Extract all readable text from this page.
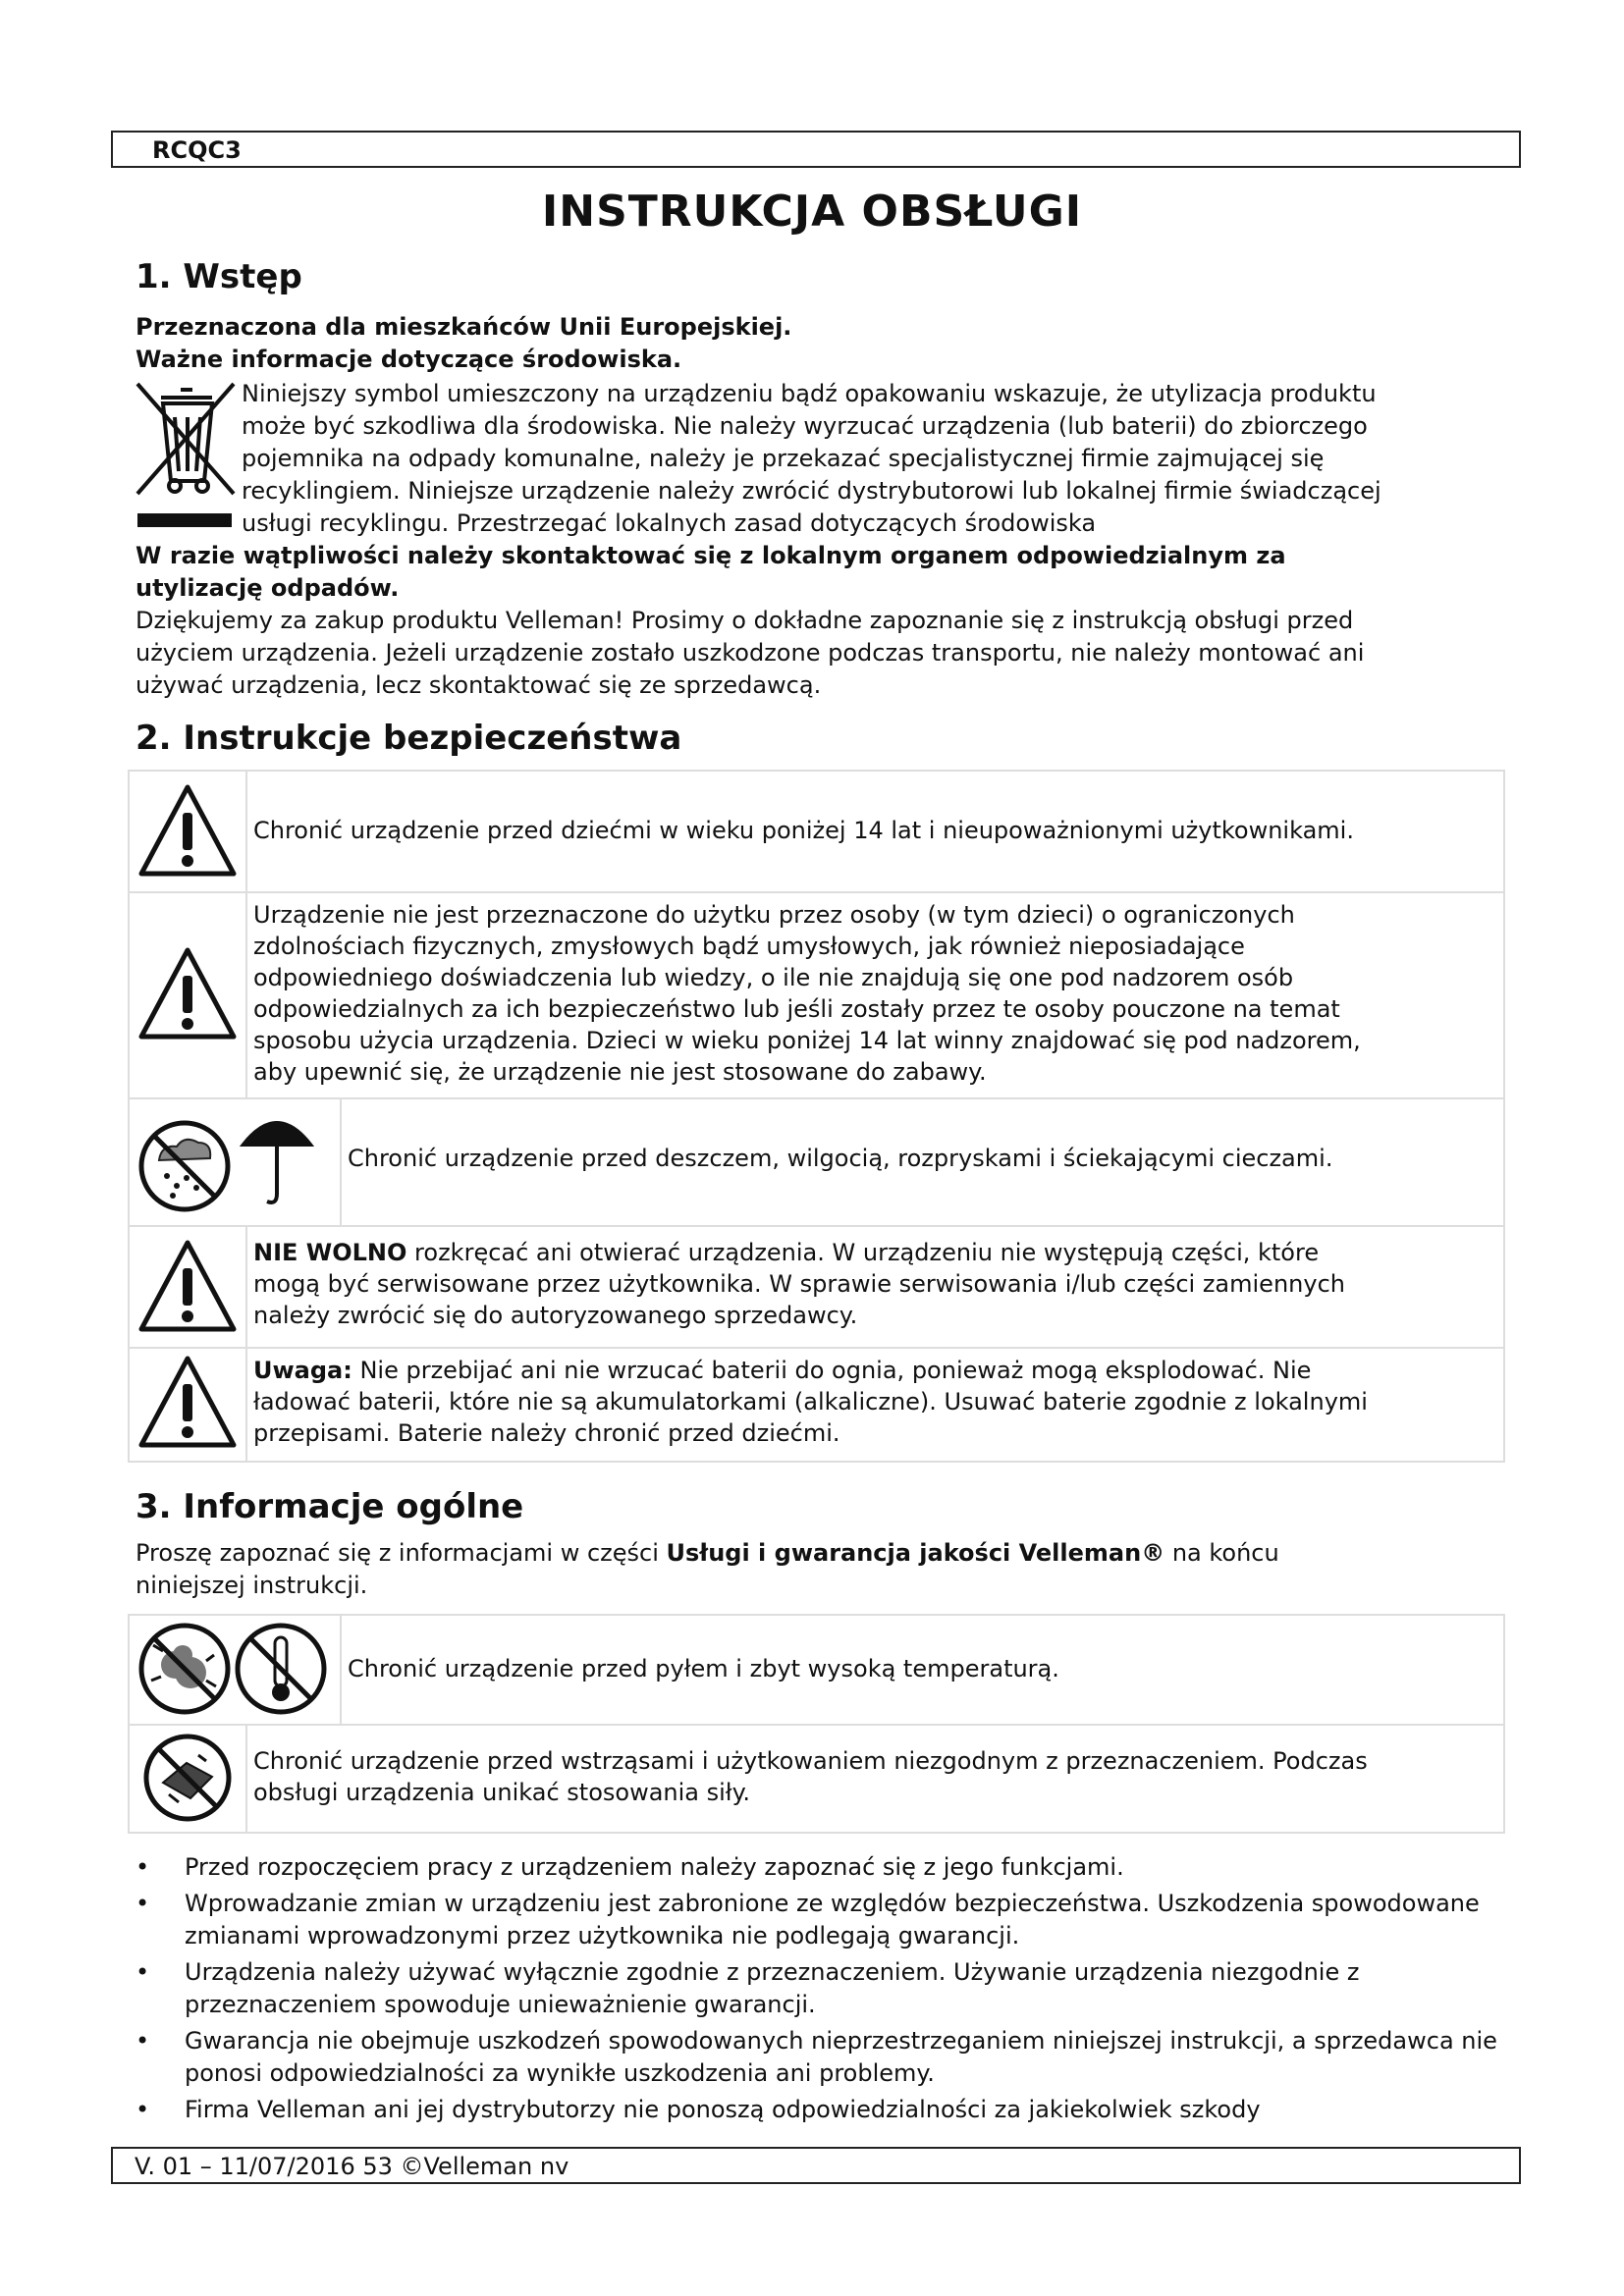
RCQC3
INSTRUKCJA OBSŁUGI
1. Wstęp
Przeznaczona dla mieszkańców Unii Europejskiej.
Ważne informacje dotyczące środowiska.
Niniejszy symbol umieszczony na urządzeniu bądź opakowaniu wskazuje, że utylizacja produktu
może być szkodliwa dla środowiska. Nie należy wyrzucać urządzenia (lub baterii) do zbiorczego
pojemnika na odpady komunalne, należy je przekazać specjalistycznej firmie zajmującej się
recyklingiem. Niniejsze urządzenie należy zwrócić dystrybutorowi lub lokalnej firmie świadczącej
usługi recyklingu. Przestrzegać lokalnych zasad dotyczących środowiska
W razie wątpliwości należy skontaktować się z lokalnym organem odpowiedzialnym za
utylizację odpadów.
Dziękujemy za zakup produktu Velleman! Prosimy o dokładne zapoznanie się z instrukcją obsługi przed
użyciem urządzenia. Jeżeli urządzenie zostało uszkodzone podczas transportu, nie należy montować ani
używać urządzenia, lecz skontaktować się ze sprzedawcą.
2. Instrukcje bezpieczeństwa
Chronić urządzenie przed dziećmi w wieku poniżej 14 lat i nieupoważnionymi użytkownikami.
Urządzenie nie jest przeznaczone do użytku przez osoby (w tym dzieci) o ograniczonych
zdolnościach fizycznych, zmysłowych bądź umysłowych, jak również nieposiadające
odpowiedniego doświadczenia lub wiedzy, o ile nie znajdują się one pod nadzorem osób
odpowiedzialnych za ich bezpieczeństwo lub jeśli zostały przez te osoby pouczone na temat
sposobu użycia urządzenia. Dzieci w wieku poniżej 14 lat winny znajdować się pod nadzorem,
aby upewnić się, że urządzenie nie jest stosowane do zabawy.
Chronić urządzenie przed deszczem, wilgocią, rozpryskami i ściekającymi cieczami.
NIE WOLNO rozkręcać ani otwierać urządzenia. W urządzeniu nie występują części, które
mogą być serwisowane przez użytkownika. W sprawie serwisowania i/lub części zamiennych
należy zwrócić się do autoryzowanego sprzedawcy.
Uwaga: Nie przebijać ani nie wrzucać baterii do ognia, ponieważ mogą eksplodować. Nie
ładować baterii, które nie są akumulatorkami (alkaliczne). Usuwać baterie zgodnie z lokalnymi
przepisami. Baterie należy chronić przed dziećmi.
3. Informacje ogólne
Proszę zapoznać się z informacjami w części Usługi i gwarancja jakości Velleman® na końcu
niniejszej instrukcji.
Chronić urządzenie przed pyłem i zbyt wysoką temperaturą.
Chronić urządzenie przed wstrząsami i użytkowaniem niezgodnym z przeznaczeniem. Podczas
obsługi urządzenia unikać stosowania siły.
• Przed rozpoczęciem pracy z urządzeniem należy zapoznać się z jego funkcjami.
• Wprowadzanie zmian w urządzeniu jest zabronione ze względów bezpieczeństwa. Uszkodzenia spowodowane zmianami wprowadzonymi przez użytkownika nie podlegają gwarancji.
• Urządzenia należy używać wyłącznie zgodnie z przeznaczeniem. Używanie urządzenia niezgodnie z przeznaczeniem spowoduje unieważnienie gwarancji.
• Gwarancja nie obejmuje uszkodzeń spowodowanych nieprzestrzeganiem niniejszej instrukcji, a sprzedawca nie ponosi odpowiedzialności za wynikłe uszkodzenia ani problemy.
• Firma Velleman ani jej dystrybutorzy nie ponoszą odpowiedzialności za jakiekolwiek szkody
V. 01 – 11/07/2016 53 ©Velleman nv
